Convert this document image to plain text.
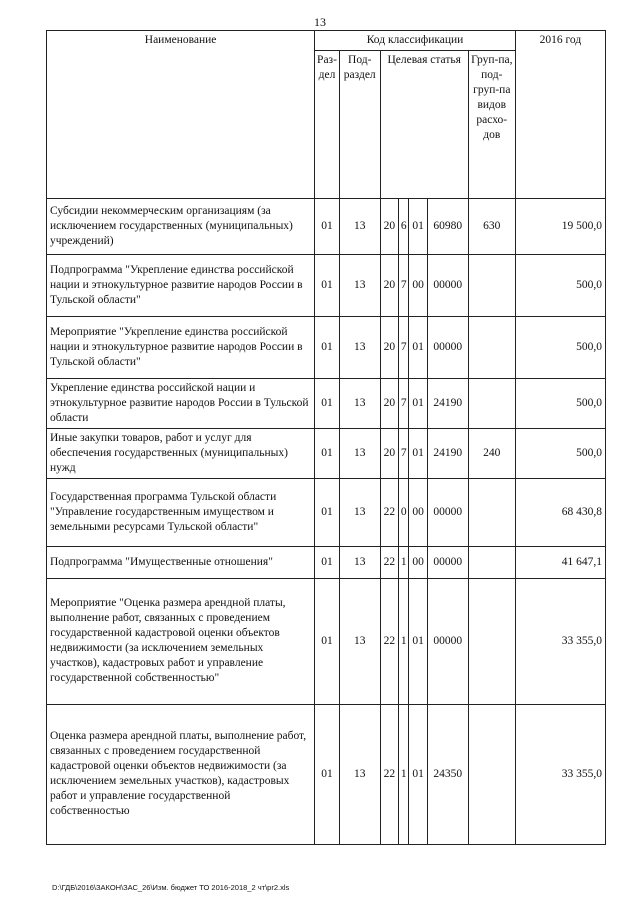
13
Наименование	Код классификации							2016 год
	Раз-дел	Под-раздел	Целевая статья				Груп-па, под-груп-па видов расхо-дов	
Субсидии некоммерческим организациям (за исключением государственных (муниципальных) учреждений)	01	13	20	6	01	60980	630	19 500,0
Подпрограмма "Укрепление единства российской нации и этнокультурное развитие народов России в Тульской области"	01	13	20	7	00	00000		500,0
Мероприятие "Укрепление единства российской нации и этнокультурное развитие народов России в Тульской области"	01	13	20	7	01	00000		500,0
Укрепление единства российской нации и этнокультурное развитие народов России в Тульской области	01	13	20	7	01	24190		500,0
Иные закупки товаров, работ и услуг для обеспечения государственных (муниципальных) нужд	01	13	20	7	01	24190	240	500,0
Государственная программа Тульской области "Управление государственным имуществом и земельными ресурсами Тульской области"	01	13	22	0	00	00000		68 430,8
Подпрограмма "Имущественные отношения"	01	13	22	1	00	00000		41 647,1
Мероприятие "Оценка размера арендной платы, выполнение работ, связанных с проведением государственной кадастровой оценки объектов недвижимости (за исключением земельных участков), кадастровых работ и управление государственной собственностью"	01	13	22	1	01	00000		33 355,0
Оценка размера арендной платы, выполнение работ, связанных с проведением государственной кадастровой оценки объектов недвижимости (за исключением земельных участков), кадастровых работ и управление государственной собственностью	01	13	22	1	01	24350		33 355,0
D:\ГДБ\2016\ЗАКОН\ЗАС_26\Изм. бюджет ТО 2016-2018_2 чт\pr2.xls
